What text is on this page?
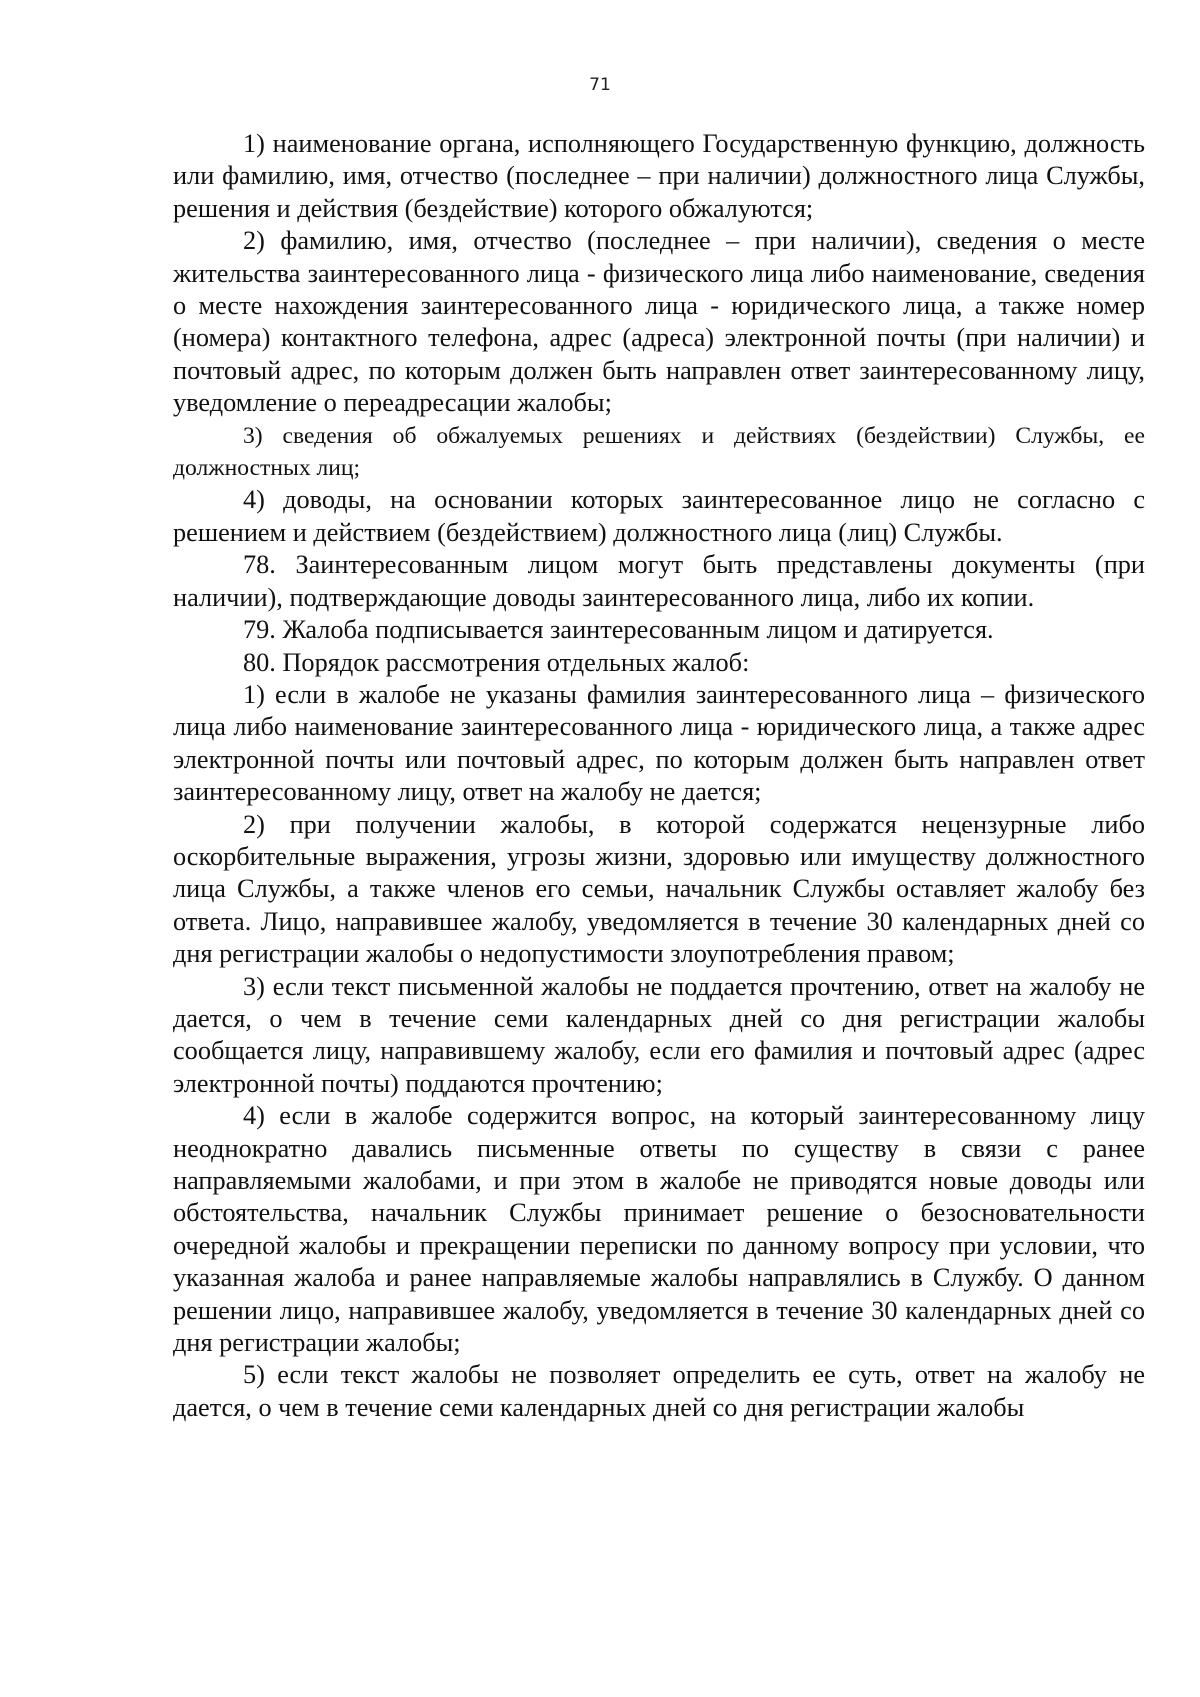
71

1) наименование органа, исполняющего Государственную функцию, должность или фамилию, имя, отчество (последнее – при наличии) должностного лица Службы, решения и действия (бездействие) которого обжалуются;

2) фамилию, имя, отчество (последнее – при наличии), сведения о месте жительства заинтересованного лица - физического лица либо наименование, сведения о месте нахождения заинтересованного лица - юридического лица, а также номер (номера) контактного телефона, адрес (адреса) электронной почты (при наличии) и почтовый адрес, по которым должен быть направлен ответ заинтересованному лицу, уведомление о переадресации жалобы;

3) сведения об обжалуемых решениях и действиях (бездействии) Службы, ее должностных лиц;

4) доводы, на основании которых заинтересованное лицо не согласно с решением и действием (бездействием) должностного лица (лиц) Службы.

78. Заинтересованным лицом могут быть представлены документы (при наличии), подтверждающие доводы заинтересованного лица, либо их копии.

79. Жалоба подписывается заинтересованным лицом и датируется.

80. Порядок рассмотрения отдельных жалоб:

1) если в жалобе не указаны фамилия заинтересованного лица – физического лица либо наименование заинтересованного лица - юридического лица, а также адрес электронной почты или почтовый адрес, по которым должен быть направлен ответ заинтересованному лицу, ответ на жалобу не дается;

2) при получении жалобы, в которой содержатся нецензурные либо оскорбительные выражения, угрозы жизни, здоровью или имуществу должностного лица Службы, а также членов его семьи, начальник Службы оставляет жалобу без ответа. Лицо, направившее жалобу, уведомляется в течение 30 календарных дней со дня регистрации жалобы о недопустимости злоупотребления правом;

3) если текст письменной жалобы не поддается прочтению, ответ на жалобу не дается, о чем в течение семи календарных дней со дня регистрации жалобы сообщается лицу, направившему жалобу, если его фамилия и почтовый адрес (адрес электронной почты) поддаются прочтению;

4) если в жалобе содержится вопрос, на который заинтересованному лицу неоднократно давались письменные ответы по существу в связи с ранее направляемыми жалобами, и при этом в жалобе не приводятся новые доводы или обстоятельства, начальник Службы принимает решение о безосновательности очередной жалобы и прекращении переписки по данному вопросу при условии, что указанная жалоба и ранее направляемые жалобы направлялись в Службу. О данном решении лицо, направившее жалобу, уведомляется в течение 30 календарных дней со дня регистрации жалобы;

5) если текст жалобы не позволяет определить ее суть, ответ на жалобу не дается, о чем в течение семи календарных дней со дня регистрации жалобы
